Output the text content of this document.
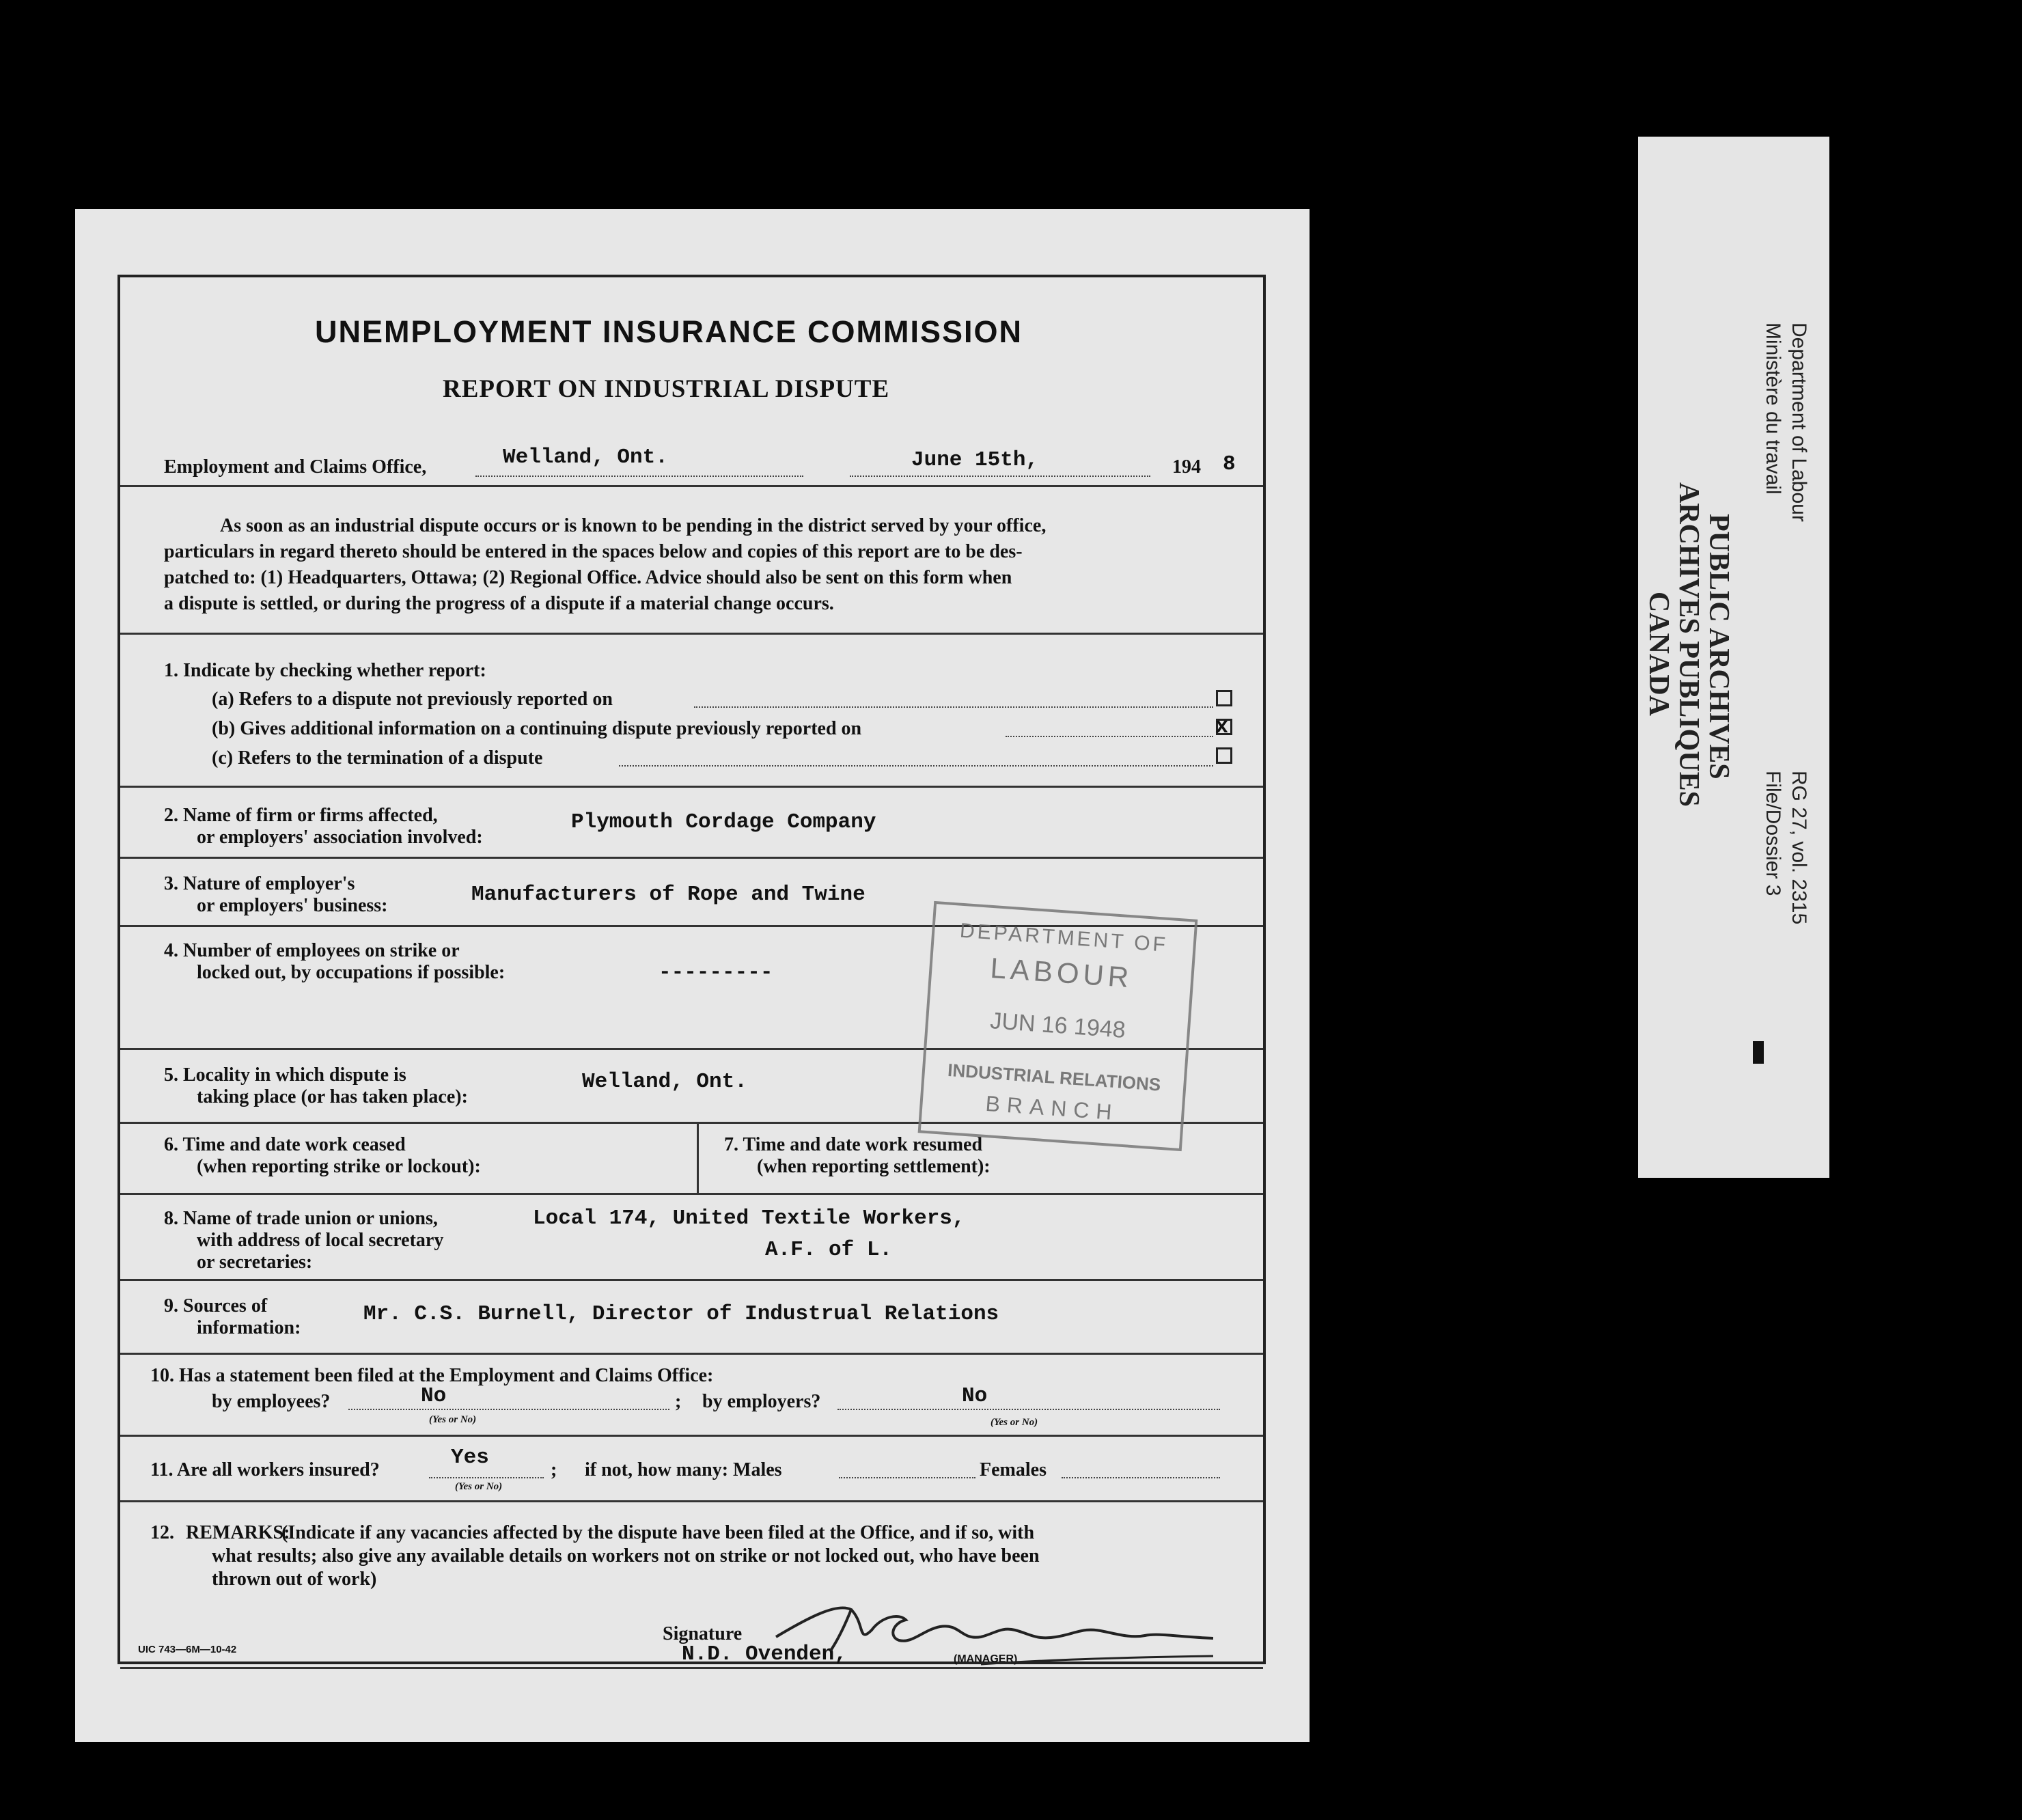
UNEMPLOYMENT INSURANCE COMMISSION
REPORT ON INDUSTRIAL DISPUTE
Employment and Claims Office,	Welland, Ont.	June 15th,	194 8
As soon as an industrial dispute occurs or is known to be pending in the district served by your office,
particulars in regard thereto should be entered in the spaces below and copies of this report are to be des-
patched to: (1) Headquarters, Ottawa; (2) Regional Office. Advice should also be sent on this form when
a dispute is settled, or during the progress of a dispute if a material change occurs.
1. Indicate by checking whether report:
(a) Refers to a dispute not previously reported on
(b) Gives additional information on a continuing dispute previously reported on	x
(c) Refers to the termination of a dispute
2. Name of firm or firms affected,
or employers' association involved:
Plymouth Cordage Company
3. Nature of employer's
or employers' business:	Manufacturers of Rope and Twine
4. Number of employees on strike or
locked out, by occupations if possible:	---------
5. Locality in which dispute is
taking place (or has taken place):
Welland, Ont.
6. Time and date work ceased
(when reporting strike or lockout):
7. Time and date work resumed
(when reporting settlement):
8. Name of trade union or unions,
with address of local secretary
or secretaries:
Local 174, United Textile Workers,
A.F. of L.
9. Sources of
information:
Mr. C.S. Burnell, Director of Industrual Relations
10. Has a statement been filed at the Employment and Claims Office:
by employees?	No
(Yes or No)
; by employers?	No
(Yes or No)
11. Are all workers insured?
Yes
(Yes or No)
; if not, how many: Males	Females
12. REMARKS:
(Indicate if any vacancies affected by the dispute have been filed at the Office, and if so, with
what results; also give any available details on workers not on strike or not locked out, who have been
thrown out of work)
UIC 743—6M—10-42
Signature
N.D. Ovenden,	(MANAGER)
DEPARTMENT OF
LABOUR
JUN 16 1948
INDUSTRIAL RELATIONS
BRANCH
Department of Labour
Ministère du travail
RG 27, vol. 2315
File/Dossier 3
PUBLIC ARCHIVES
ARCHIVES PUBLIQUES
CANADA
